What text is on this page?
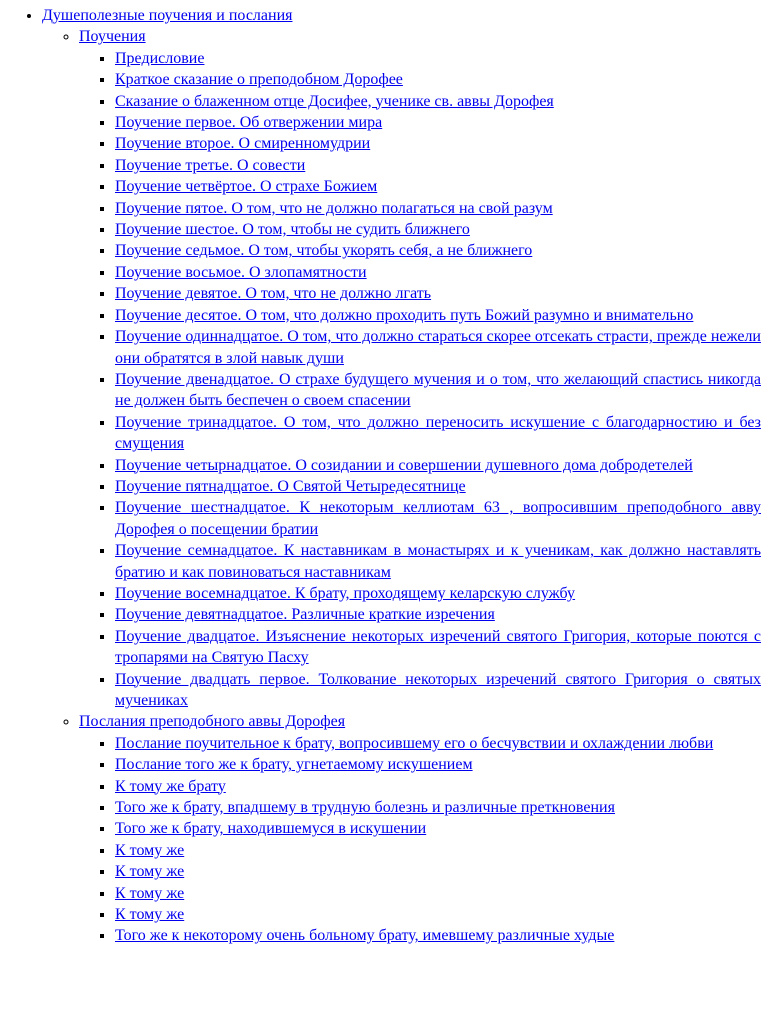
• Душеполезные поучения и послания
◦ Поучения
▪ Предисловие
▪ Краткое сказание о преподобном Дорофее
▪ Сказание о блаженном отце Досифее, ученике св. аввы Дорофея
▪ Поучение первое. Об отвержении мира
▪ Поучение второе. О смиренномудрии
▪ Поучение третье. О совести
▪ Поучение четвёртое. О страхе Божием
▪ Поучение пятое. О том, что не должно полагаться на свой разум
▪ Поучение шестое. О том, чтобы не судить ближнего
▪ Поучение седьмое. О том, чтобы укорять себя, а не ближнего
▪ Поучение восьмое. О злопамятности
▪ Поучение девятое. О том, что не должно лгать
▪ Поучение десятое. О том, что должно проходить путь Божий разумно и внимательно
▪ Поучение одиннадцатое. О том, что должно стараться скорее отсекать страсти, прежде нежели они обратятся в злой навык души
▪ Поучение двенадцатое. О страхе будущего мучения и о том, что желающий спастись никогда не должен быть беспечен о своем спасении
▪ Поучение тринадцатое. О том, что должно переносить искушение с благодарностию и без смущения
▪ Поучение четырнадцатое. О созидании и совершении душевного дома добродетелей
▪ Поучение пятнадцатое. О Святой Четыредесятнице
▪ Поучение шестнадцатое. К некоторым келлиотам 63 , вопросившим преподобного авву Дорофея о посещении братии
▪ Поучение семнадцатое. К наставникам в монастырях и к ученикам, как должно наставлять братию и как повиноваться наставникам
▪ Поучение восемнадцатое. К брату, проходящему келарскую службу
▪ Поучение девятнадцатое. Различные краткие изречения
▪ Поучение двадцатое. Изъяснение некоторых изречений святого Григория, которые поются с тропарями на Святую Пасху
▪ Поучение двадцать первое. Толкование некоторых изречений святого Григория о святых мучениках
◦ Послания преподобного аввы Дорофея
▪ Послание поучительное к брату, вопросившему его о бесчувствии и охлаждении любви
▪ Послание того же к брату, угнетаемому искушением
▪ К тому же брату
▪ Того же к брату, впадшему в трудную болезнь и различные преткновения
▪ Того же к брату, находившемуся в искушении
▪ К тому же
▪ К тому же
▪ К тому же
▪ К тому же
▪ Того же к некоторому очень больному брату, имевшему различные худые
